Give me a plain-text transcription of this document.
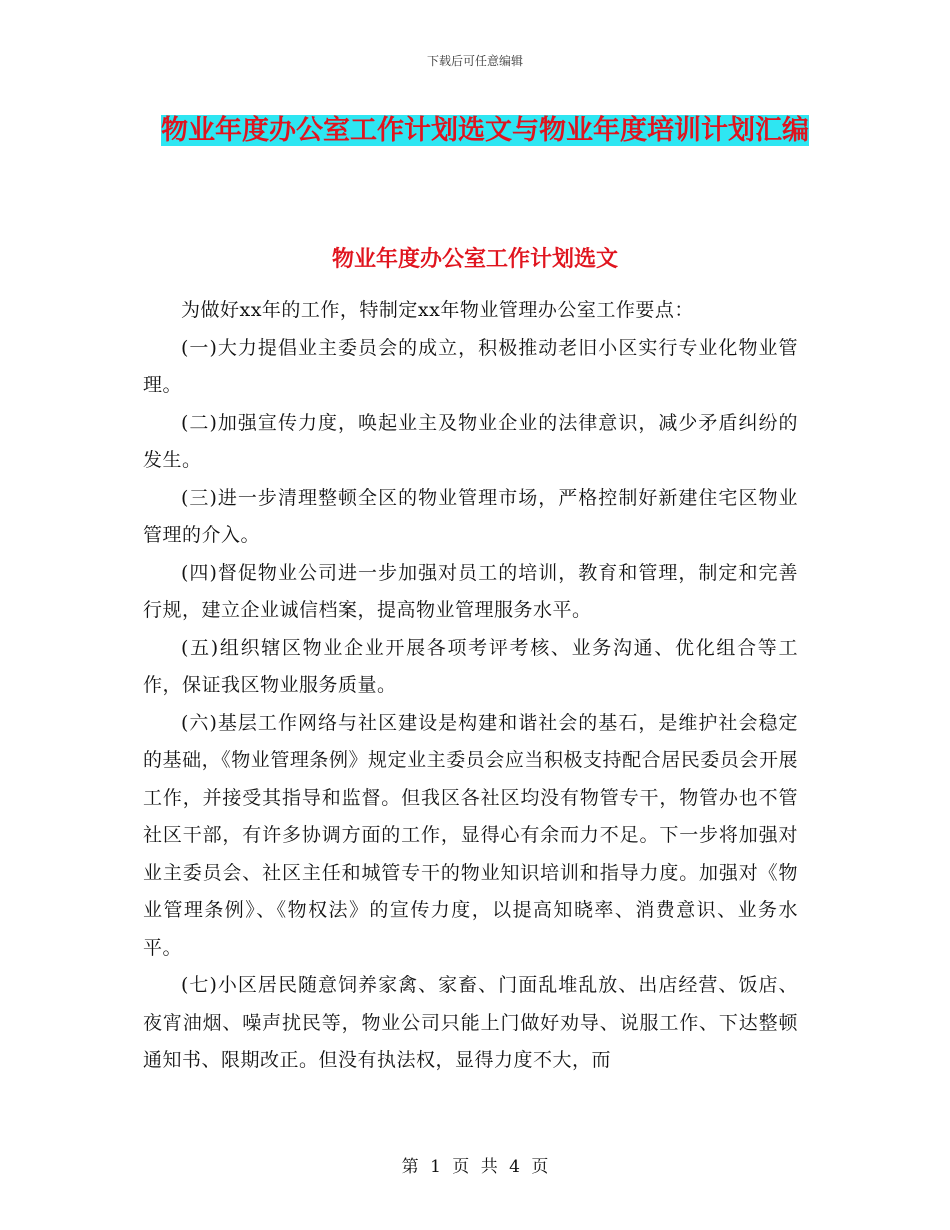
下载后可任意编辑
物业年度办公室工作计划选文与物业年度培训计划汇编
物业年度办公室工作计划选文

为做好xx年的工作，特制定xx年物业管理办公室工作要点：

(一)大力提倡业主委员会的成立，积极推动老旧小区实行专业化物业管理。

(二)加强宣传力度，唤起业主及物业企业的法律意识，减少矛盾纠纷的发生。

(三)进一步清理整顿全区的物业管理市场，严格控制好新建住宅区物业管理的介入。

(四)督促物业公司进一步加强对员工的培训，教育和管理，制定和完善行规，建立企业诚信档案，提高物业管理服务水平。

(五)组织辖区物业企业开展各项考评考核、业务沟通、优化组合等工作，保证我区物业服务质量。

(六)基层工作网络与社区建设是构建和谐社会的基石，是维护社会稳定的基础，《物业管理条例》规定业主委员会应当积极支持配合居民委员会开展工作，并接受其指导和监督。但我区各社区均没有物管专干，物管办也不管社区干部，有许多协调方面的工作，显得心有余而力不足。下一步将加强对业主委员会、社区主任和城管专干的物业知识培训和指导力度。加强对《物业管理条例》、《物权法》的宣传力度，以提高知晓率、消费意识、业务水平。

(七)小区居民随意饲养家禽、家畜、门面乱堆乱放、出店经营、饭店、夜宵油烟、噪声扰民等，物业公司只能上门做好劝导、说服工作、下达整顿通知书、限期改正。但没有执法权，显得力度不大，而

第 1 页 共 4 页
